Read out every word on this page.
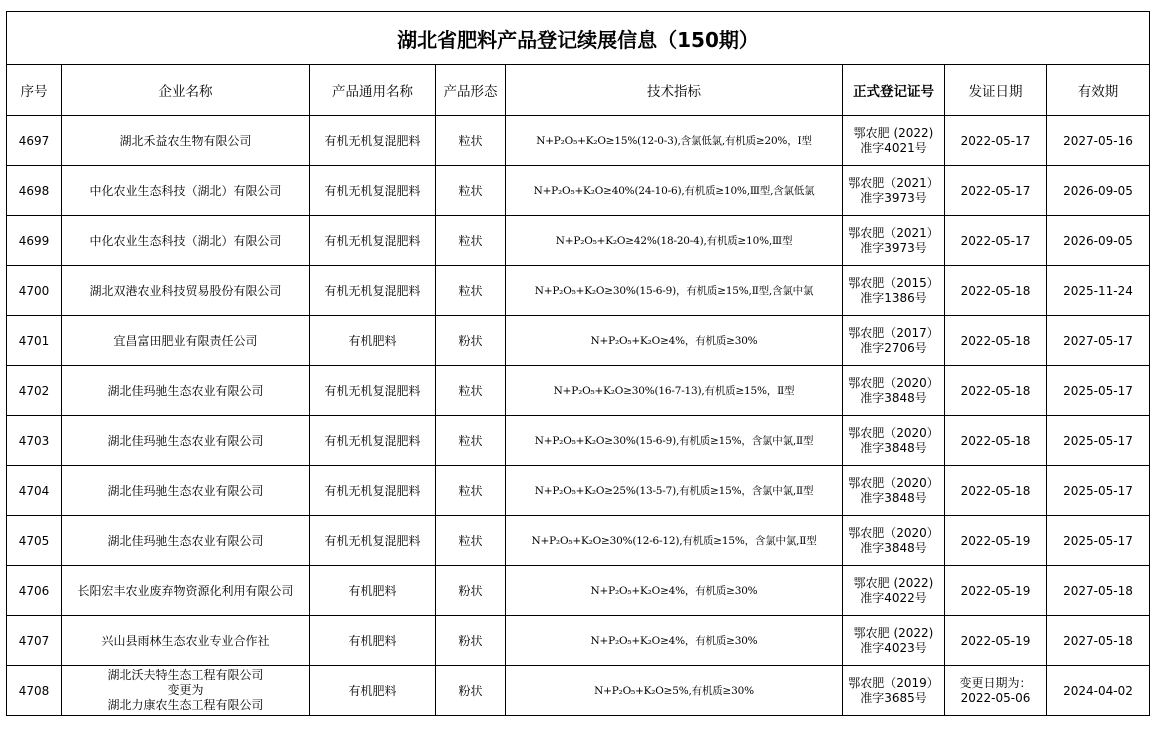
湖北省肥料产品登记续展信息（150期）							
序号	企业名称	产品通用名称	产品形态	技术指标	正式登记证号	发证日期	有效期
4697	湖北禾益农生物有限公司	有机无机复混肥料	粒状	N+P₂O₅+K₂O≥15%(12-0-3),含氯低氯,有机质≥20%，Ⅰ型	鄂农肥 (2022)
准字4021号	2022-05-17	2027-05-16
4698	中化农业生态科技（湖北）有限公司	有机无机复混肥料	粒状	N+P₂O₅+K₂O≥40%(24-10-6),有机质≥10%,Ⅲ型,含氯低氯	鄂农肥（2021）
准字3973号	2022-05-17	2026-09-05
4699	中化农业生态科技（湖北）有限公司	有机无机复混肥料	粒状	N+P₂O₅+K₂O≥42%(18-20-4),有机质≥10%,Ⅲ型	鄂农肥（2021）
准字3973号	2022-05-17	2026-09-05
4700	湖北双港农业科技贸易股份有限公司	有机无机复混肥料	粒状	N+P₂O₅+K₂O≥30%(15-6-9)，有机质≥15%,Ⅱ型,含氯中氯	鄂农肥（2015）
准字1386号	2022-05-18	2025-11-24
4701	宜昌富田肥业有限责任公司	有机肥料	粉状	N+P₂O₅+K₂O≥4%，有机质≥30%	鄂农肥（2017）
准字2706号	2022-05-18	2027-05-17
4702	湖北佳玛驰生态农业有限公司	有机无机复混肥料	粒状	N+P₂O₅+K₂O≥30%(16-7-13),有机质≥15%，Ⅱ型	鄂农肥（2020）
准字3848号	2022-05-18	2025-05-17
4703	湖北佳玛驰生态农业有限公司	有机无机复混肥料	粒状	N+P₂O₅+K₂O≥30%(15-6-9),有机质≥15%，含氯中氯,Ⅱ型	鄂农肥（2020）
准字3848号	2022-05-18	2025-05-17
4704	湖北佳玛驰生态农业有限公司	有机无机复混肥料	粒状	N+P₂O₅+K₂O≥25%(13-5-7),有机质≥15%，含氯中氯,Ⅱ型	鄂农肥（2020）
准字3848号	2022-05-18	2025-05-17
4705	湖北佳玛驰生态农业有限公司	有机无机复混肥料	粒状	N+P₂O₅+K₂O≥30%(12-6-12),有机质≥15%，含氯中氯,Ⅱ型	鄂农肥（2020）
准字3848号	2022-05-19	2025-05-17
4706	长阳宏丰农业废弃物资源化利用有限公司	有机肥料	粉状	N+P₂O₅+K₂O≥4%，有机质≥30%	鄂农肥 (2022)
准字4022号	2022-05-19	2027-05-18
4707	兴山县雨林生态农业专业合作社	有机肥料	粉状	N+P₂O₅+K₂O≥4%，有机质≥30%	鄂农肥 (2022)
准字4023号	2022-05-19	2027-05-18
4708	湖北沃夫特生态工程有限公司
变更为
湖北力康农生态工程有限公司	有机肥料	粉状	N+P₂O₅+K₂O≥5%,有机质≥30%	鄂农肥（2019）
准字3685号	变更日期为：
2022-05-06	2024-04-02
